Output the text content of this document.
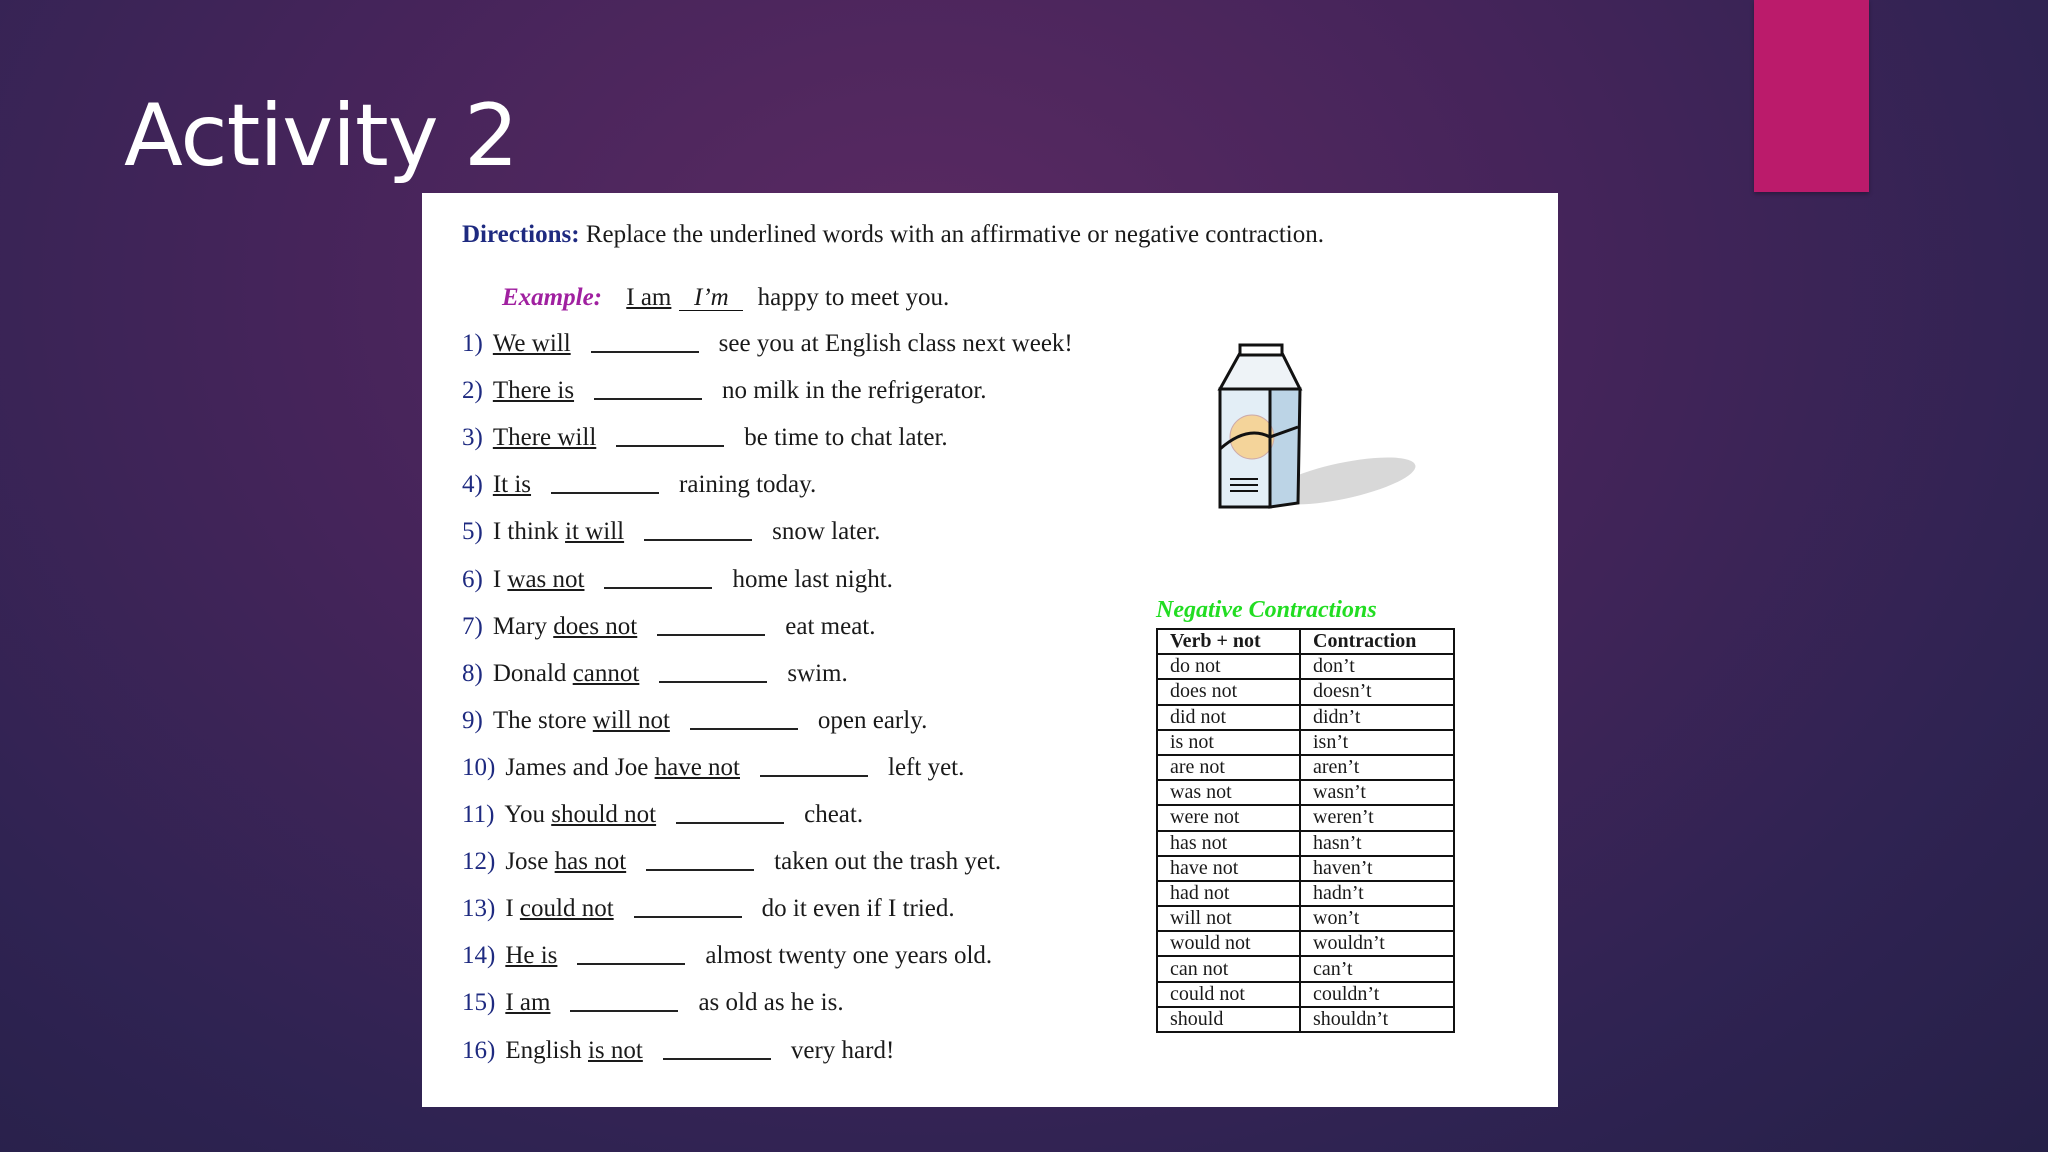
Activity 2
Directions: Replace the underlined words with an affirmative or negative contraction.
Example: I am I’m happy to meet you.
1) We will	see you at English class next week!
2) There is	no milk in the refrigerator.
3) There will	be time to chat later.
4) It is	raining today.
5) I think it will	snow later.
6) I was not	home last night.
7) Mary does not	eat meat.
8) Donald cannot	swim.
9) The store will not	open early.
10) James and Joe have not	left yet.
11) You should not	cheat.
12) Jose has not	taken out the trash yet.
13) I could not	do it even if I tried.
14) He is	almost twenty one years old.
15) I am	as old as he is.
16) English is not	very hard!
Negative Contractions
Verb + not	Contraction
do not	don’t
does not	doesn’t
did not	didn’t
is not	isn’t
are not	aren’t
was not	wasn’t
were not	weren’t
has not	hasn’t
have not	haven’t
had not	hadn’t
will not	won’t
would not	wouldn’t
can not	can’t
could not	couldn’t
should	shouldn’t
